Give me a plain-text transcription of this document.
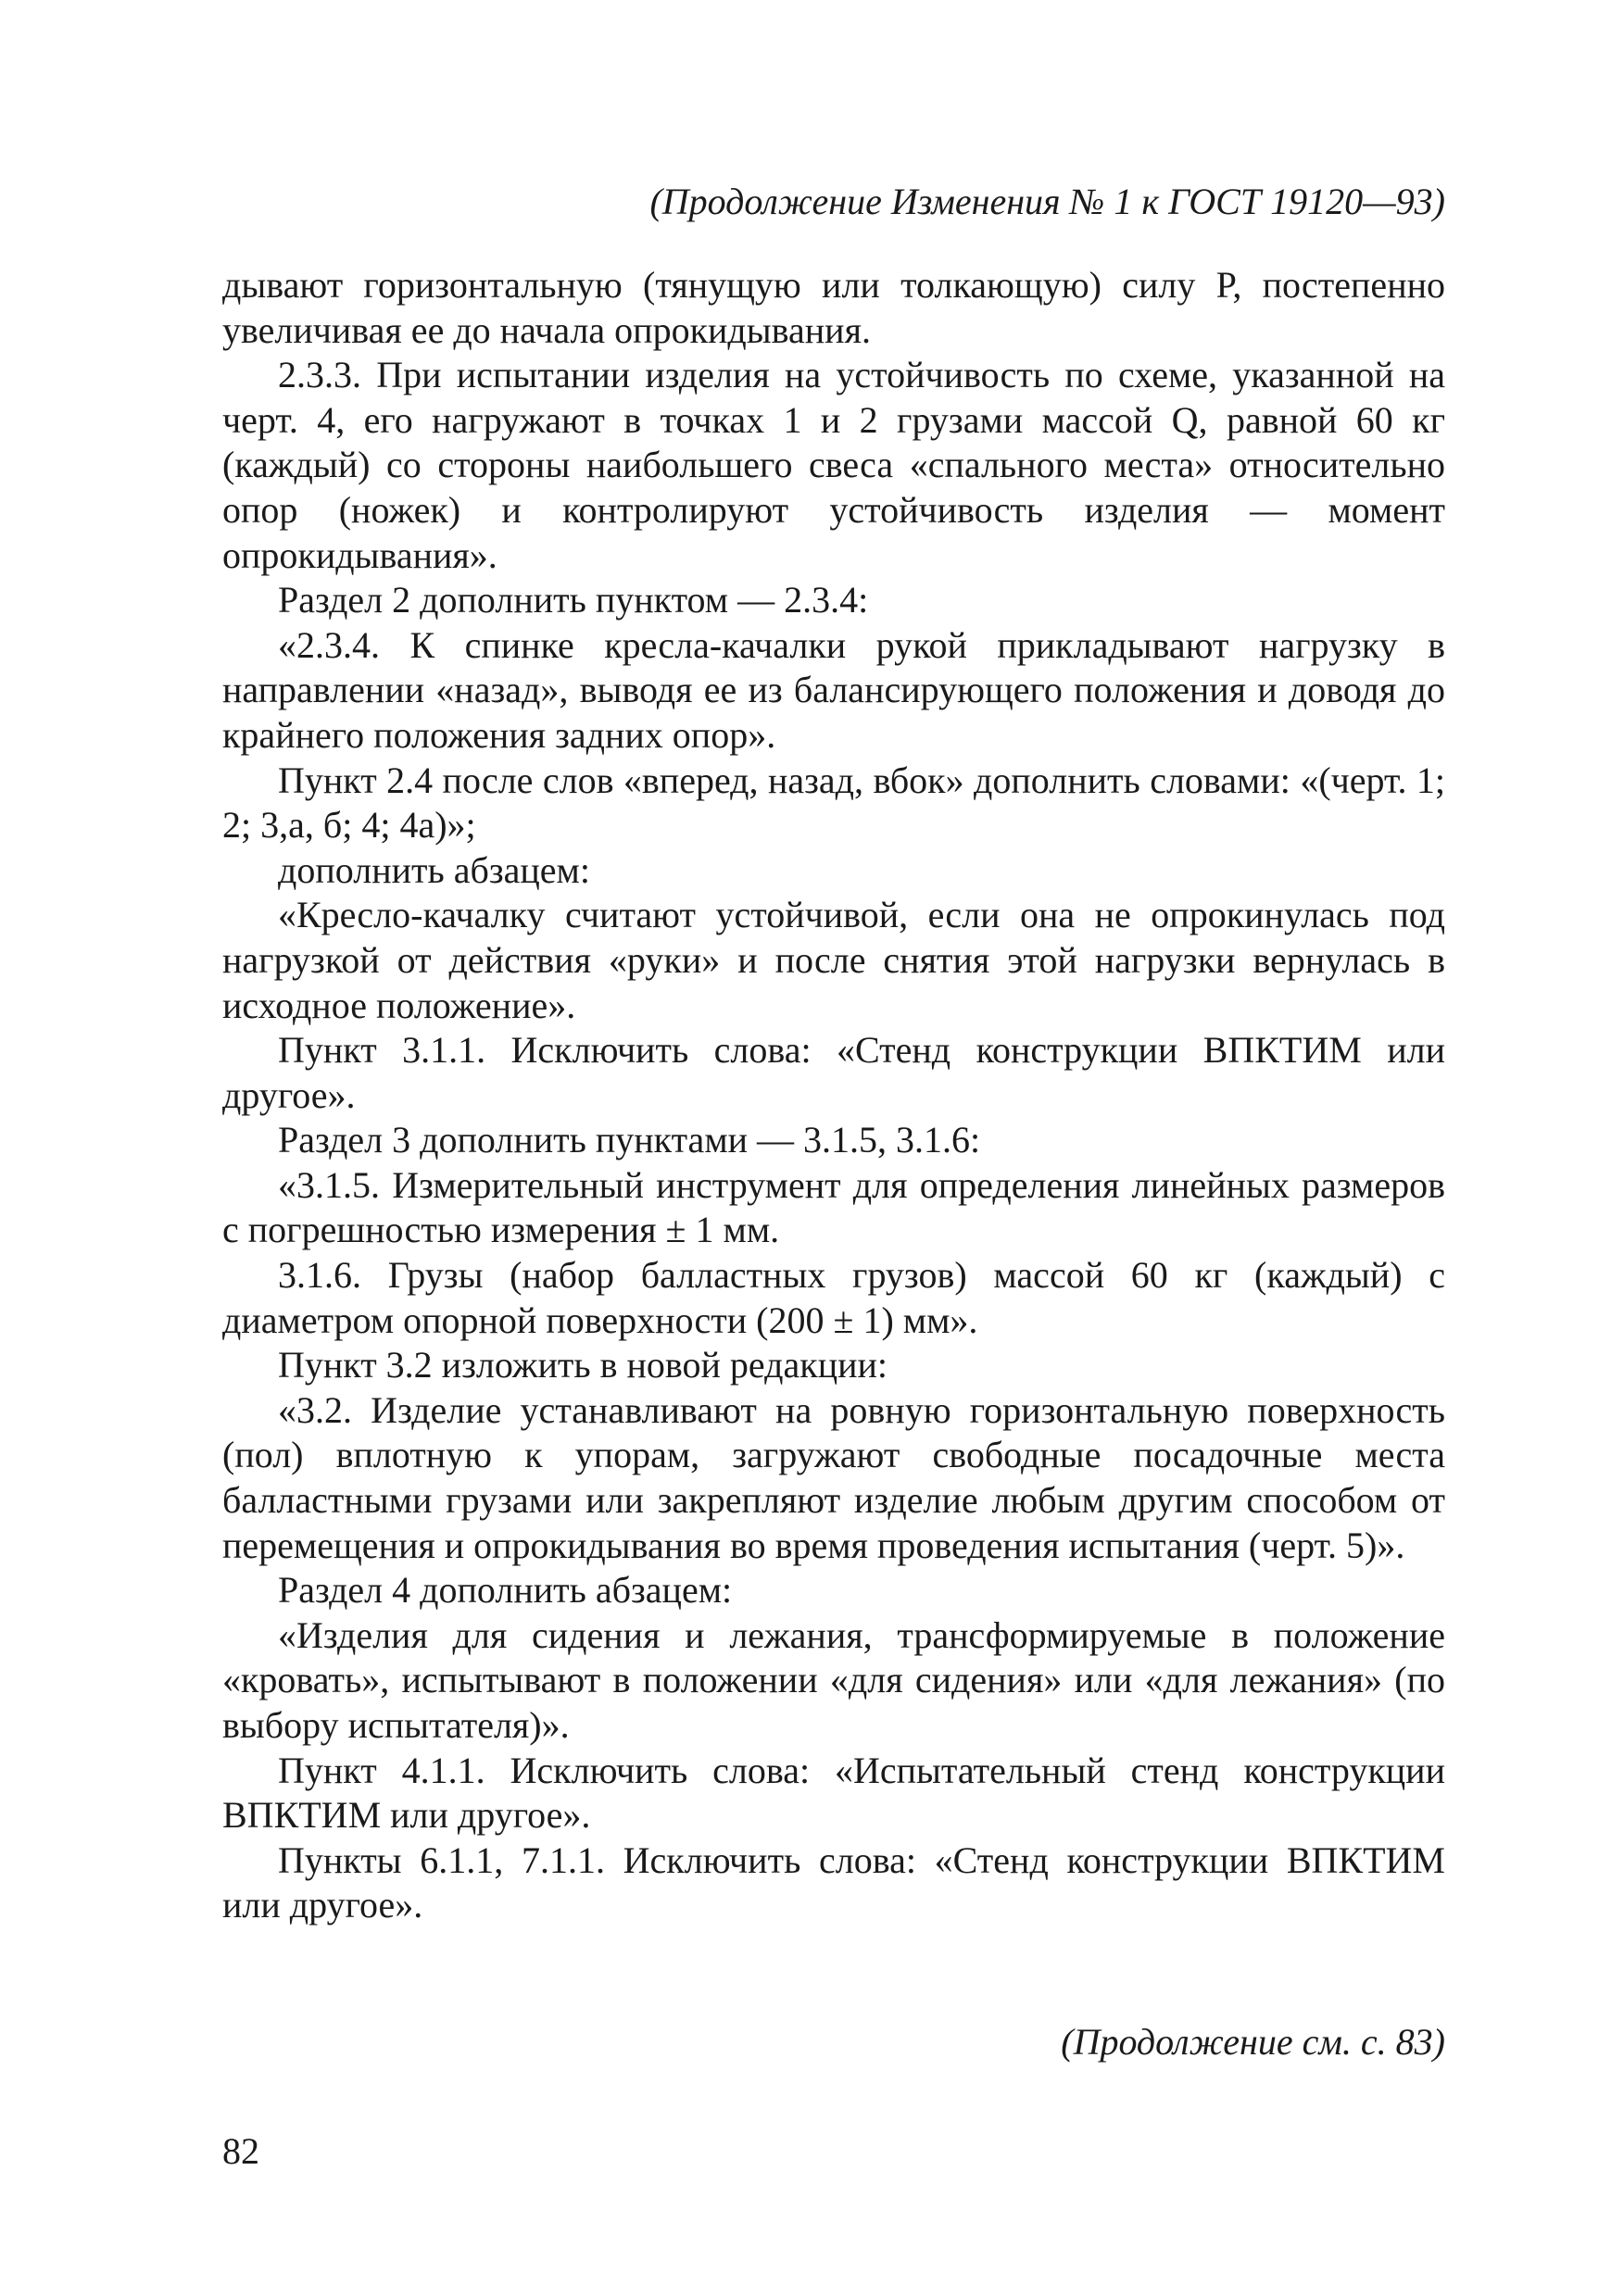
(Продолжение Изменения № 1 к ГОСТ 19120—93)

дывают горизонтальную (тянущую или толкающую) силу P, постепенно увеличивая ее до начала опрокидывания.

2.3.3. При испытании изделия на устойчивость по схеме, указанной на черт. 4, его нагружают в точках 1 и 2 грузами массой Q, равной 60 кг (каждый) со стороны наибольшего свеса «спального места» относительно опор (ножек) и контролируют устойчивость изделия — момент опрокидывания».

Раздел 2 дополнить пунктом — 2.3.4:

«2.3.4. К спинке кресла-качалки рукой прикладывают нагрузку в направлении «назад», выводя ее из балансирующего положения и доводя до крайнего положения задних опор».

Пункт 2.4 после слов «вперед, назад, вбок» дополнить словами: «(черт. 1; 2; 3,а, б; 4; 4а)»;

дополнить абзацем:

«Кресло-качалку считают устойчивой, если она не опрокинулась под нагрузкой от действия «руки» и после снятия этой нагрузки вернулась в исходное положение».

Пункт 3.1.1. Исключить слова: «Стенд конструкции ВПКТИМ или другое».

Раздел 3 дополнить пунктами — 3.1.5, 3.1.6:

«3.1.5. Измерительный инструмент для определения линейных размеров с погрешностью измерения ± 1 мм.

3.1.6. Грузы (набор балластных грузов) массой 60 кг (каждый) с диаметром опорной поверхности (200 ± 1) мм».

Пункт 3.2 изложить в новой редакции:

«3.2. Изделие устанавливают на ровную горизонтальную поверхность (пол) вплотную к упорам, загружают свободные посадочные места балластными грузами или закрепляют изделие любым другим способом от перемещения и опрокидывания во время проведения испытания (черт. 5)».

Раздел 4 дополнить абзацем:

«Изделия для сидения и лежания, трансформируемые в положение «кровать», испытывают в положении «для сидения» или «для лежания» (по выбору испытателя)».

Пункт 4.1.1. Исключить слова: «Испытательный стенд конструкции ВПКТИМ или другое».

Пункты 6.1.1, 7.1.1. Исключить слова: «Стенд конструкции ВПКТИМ или другое».

(Продолжение см. с. 83)
82
